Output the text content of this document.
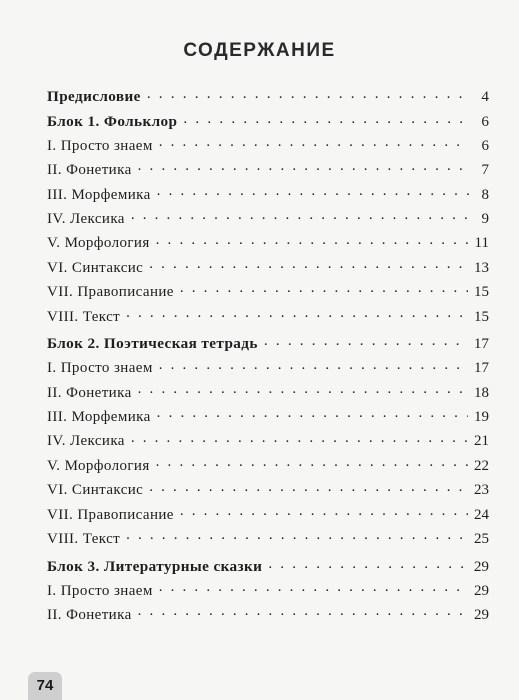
СОДЕРЖАНИЕ
Предисловие . . .	4
Блок 1. Фольклор . . .	6
I. Просто знаем . . .	6
II. Фонетика . . .	7
III. Морфемика . . .	8
IV. Лексика . . .	9
V. Морфология . . .	11
VI. Синтаксис . . .	13
VII. Правописание . . .	15
VIII. Текст . . .	15
Блок 2. Поэтическая тетрадь . . .	17
I. Просто знаем . . .	17
II. Фонетика . . .	18
III. Морфемика . . .	19
IV. Лексика . . .	21
V. Морфология . . .	22
VI. Синтаксис . . .	23
VII. Правописание . . .	24
VIII. Текст . . .	25
Блок 3. Литературные сказки . . .	29
I. Просто знаем . . .	29
II. Фонетика . . .	29
74
